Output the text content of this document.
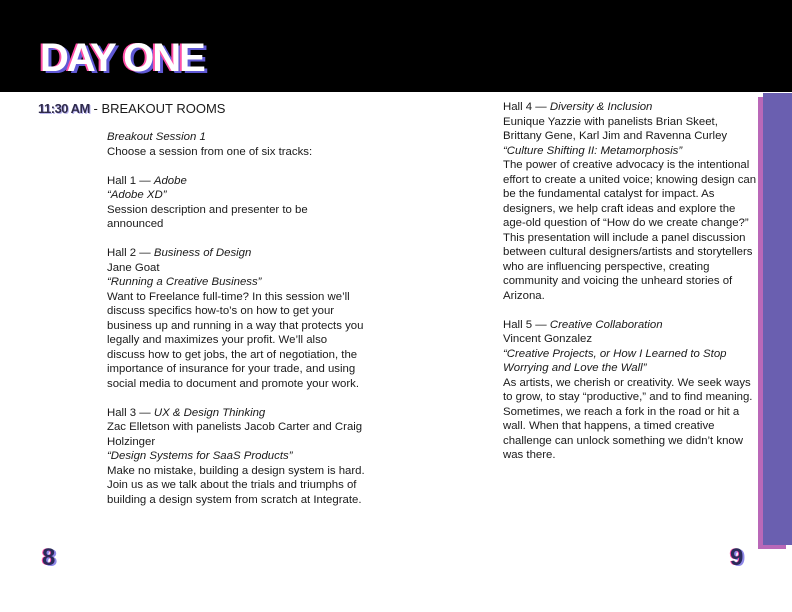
DAY ONE
11:30 AM - BREAKOUT ROOMS

Breakout Session 1

Choose a session from one of six tracks:

Hall 1 — Adobe

“Adobe XD”

Session description and presenter to be announced

Hall 2 — Business of Design

Jane Goat

“Running a Creative Business”

Want to Freelance full-time? In this session we’ll discuss specifics how-to’s on how to get your business up and running in a way that protects you legally and maximizes your profit. We’ll also discuss how to get jobs, the art of negotiation, the importance of insurance for your trade, and using social media to document and promote your work.

Hall 3 — UX & Design Thinking

Zac Elletson with panelists Jacob Carter and Craig Holzinger

“Design Systems for SaaS Products”

Make no mistake, building a design system is hard. Join us as we talk about the trials and triumphs of building a design system from scratch at Integrate.

Hall 4 — Diversity & Inclusion

Eunique Yazzie with panelists Brian Skeet, Brittany Gene, Karl Jim and Ravenna Curley

“Culture Shifting II: Metamorphosis”

The power of creative advocacy is the intentional effort to create a united voice; knowing design can be the fundamental catalyst for impact. As designers, we help craft ideas and explore the age-old question of “How do we create change?” This presentation will include a panel discussion between cultural designers/artists and storytellers who are influencing perspective, creating community and voicing the unheard stories of Arizona.

Hall 5 — Creative Collaboration

Vincent Gonzalez

“Creative Projects, or How I Learned to Stop Worrying and Love the Wall”

As artists, we cherish or creativity. We seek ways to grow, to stay “productive,” and to find meaning. Sometimes, we reach a fork in the road or hit a wall. When that happens, a timed creative challenge can unlock something we didn’t know was there.

8	9
